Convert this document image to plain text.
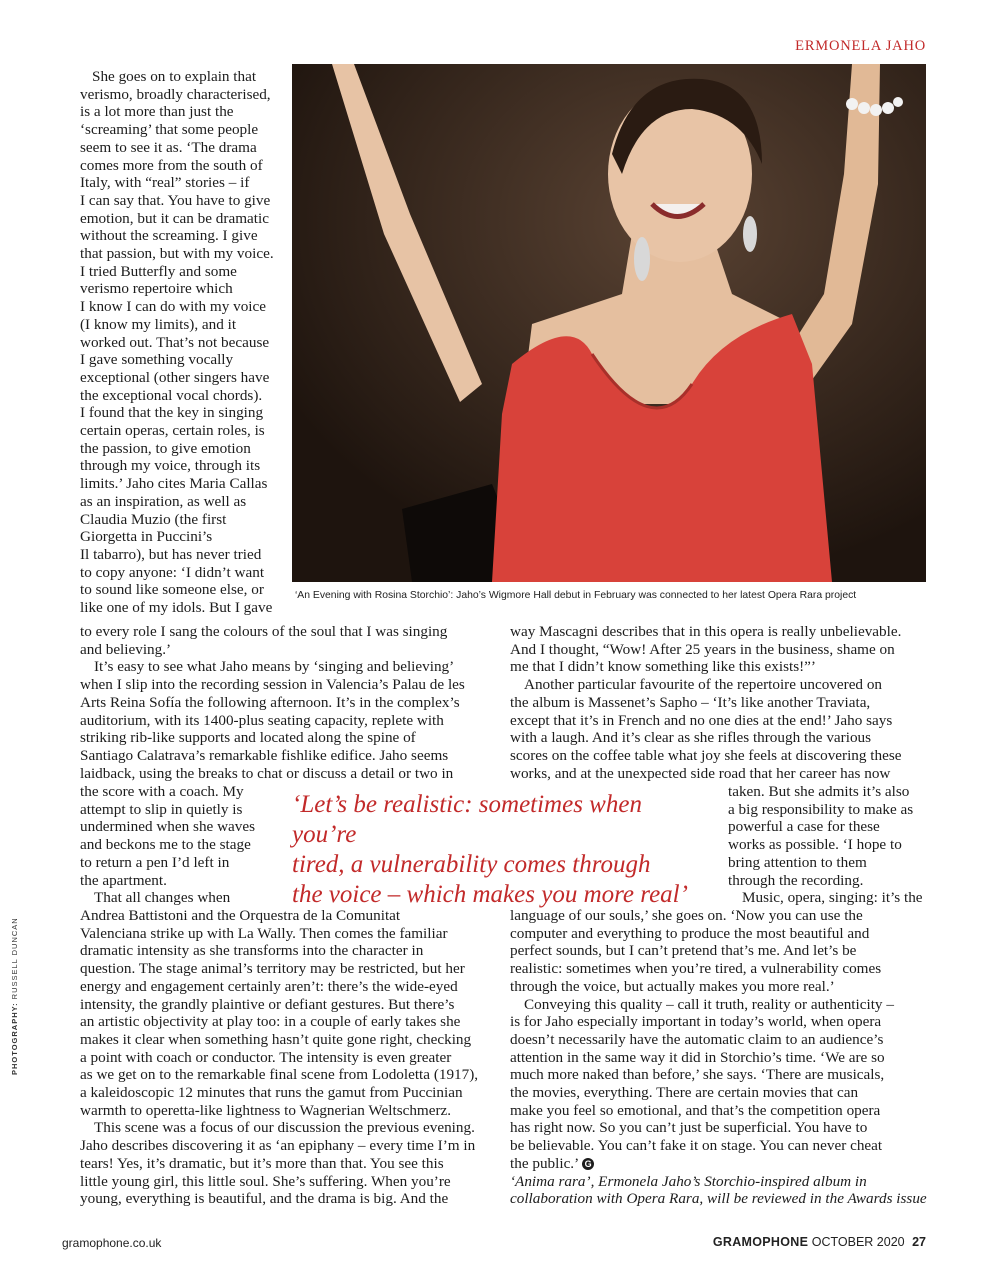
ERMONELA JAHO
‘An Evening with Rosina Storchio’: Jaho’s Wigmore Hall debut in February was connected to her latest Opera Rara project

She goes on to explain that

verismo, broadly characterised,

is a lot more than just the

‘screaming’ that some people

seem to see it as. ‘The drama

comes more from the south of

Italy, with “real” stories – if

I can say that. You have to give

emotion, but it can be dramatic

without the screaming. I give

that passion, but with my voice.

I tried Butterfly and some

verismo repertoire which

I know I can do with my voice

(I know my limits), and it

worked out. That’s not because

I gave something vocally

exceptional (other singers have

the exceptional vocal chords).

I found that the key in singing

certain operas, certain roles, is

the passion, to give emotion

through my voice, through its

limits.’ Jaho cites Maria Callas

as an inspiration, as well as

Claudia Muzio (the first

Giorgetta in Puccini’s

Il tabarro), but has never tried

to copy anyone: ‘I didn’t want

to sound like someone else, or

like one of my idols. But I gave

to every role I sang the colours of the soul that I was singing

and believing.’

It’s easy to see what Jaho means by ‘singing and believing’

when I slip into the recording session in Valencia’s Palau de les

Arts Reina Sofía the following afternoon. It’s in the complex’s

auditorium, with its 1400-plus seating capacity, replete with

striking rib-like supports and located along the spine of

Santiago Calatrava’s remarkable fishlike edifice. Jaho seems

laidback, using the breaks to chat or discuss a detail or two in

the score with a coach. My

attempt to slip in quietly is

undermined when she waves

and beckons me to the stage

to return a pen I’d left in

the apartment.

That all changes when

‘Let’s be realistic: sometimes when you’re
tired, a vulnerability comes through
the voice – which makes you more real’

Andrea Battistoni and the Orquestra de la Comunitat

Valenciana strike up with La Wally. Then comes the familiar

dramatic intensity as she transforms into the character in

question. The stage animal’s territory may be restricted, but her

energy and engagement certainly aren’t: there’s the wide-eyed

intensity, the grandly plaintive or defiant gestures. But there’s

an artistic objectivity at play too: in a couple of early takes she

makes it clear when something hasn’t quite gone right, checking

a point with coach or conductor. The intensity is even greater

as we get on to the remarkable final scene from Lodoletta (1917),

a kaleidoscopic 12 minutes that runs the gamut from Puccinian

warmth to operetta-like lightness to Wagnerian Weltschmerz.

This scene was a focus of our discussion the previous evening.

Jaho describes discovering it as ‘an epiphany – every time I’m in

tears! Yes, it’s dramatic, but it’s more than that. You see this

little young girl, this little soul. She’s suffering. When you’re

young, everything is beautiful, and the drama is big. And the

way Mascagni describes that in this opera is really unbelievable.

And I thought, “Wow! After 25 years in the business, shame on

me that I didn’t know something like this exists!”’

Another particular favourite of the repertoire uncovered on

the album is Massenet’s Sapho – ‘It’s like another Traviata,

except that it’s in French and no one dies at the end!’ Jaho says

with a laugh. And it’s clear as she rifles through the various

scores on the coffee table what joy she feels at discovering these

works, and at the unexpected side road that her career has now

taken. But she admits it’s also

a big responsibility to make as

powerful a case for these

works as possible. ‘I hope to

bring attention to them

through the recording.

Music, opera, singing: it’s the

language of our souls,’ she goes on. ‘Now you can use the

computer and everything to produce the most beautiful and

perfect sounds, but I can’t pretend that’s me. And let’s be

realistic: sometimes when you’re tired, a vulnerability comes

through the voice, but actually makes you more real.’

Conveying this quality – call it truth, reality or authenticity –

is for Jaho especially important in today’s world, when opera

doesn’t necessarily have the automatic claim to an audience’s

attention in the same way it did in Storchio’s time. ‘We are so

much more naked than before,’ she says. ‘There are musicals,

the movies, everything. There are certain movies that can

make you feel so emotional, and that’s the competition opera

has right now. So you can’t just be superficial. You have to

be believable. You can’t fake it on stage. You can never cheat

the public.’ G

‘Anima rara’, Ermonela Jaho’s Storchio-inspired album in

collaboration with Opera Rara, will be reviewed in the Awards issue

PHOTOGRAPHY: RUSSELL DUNCAN
gramophone.co.uk	GRAMOPHONE OCTOBER 2020 27
